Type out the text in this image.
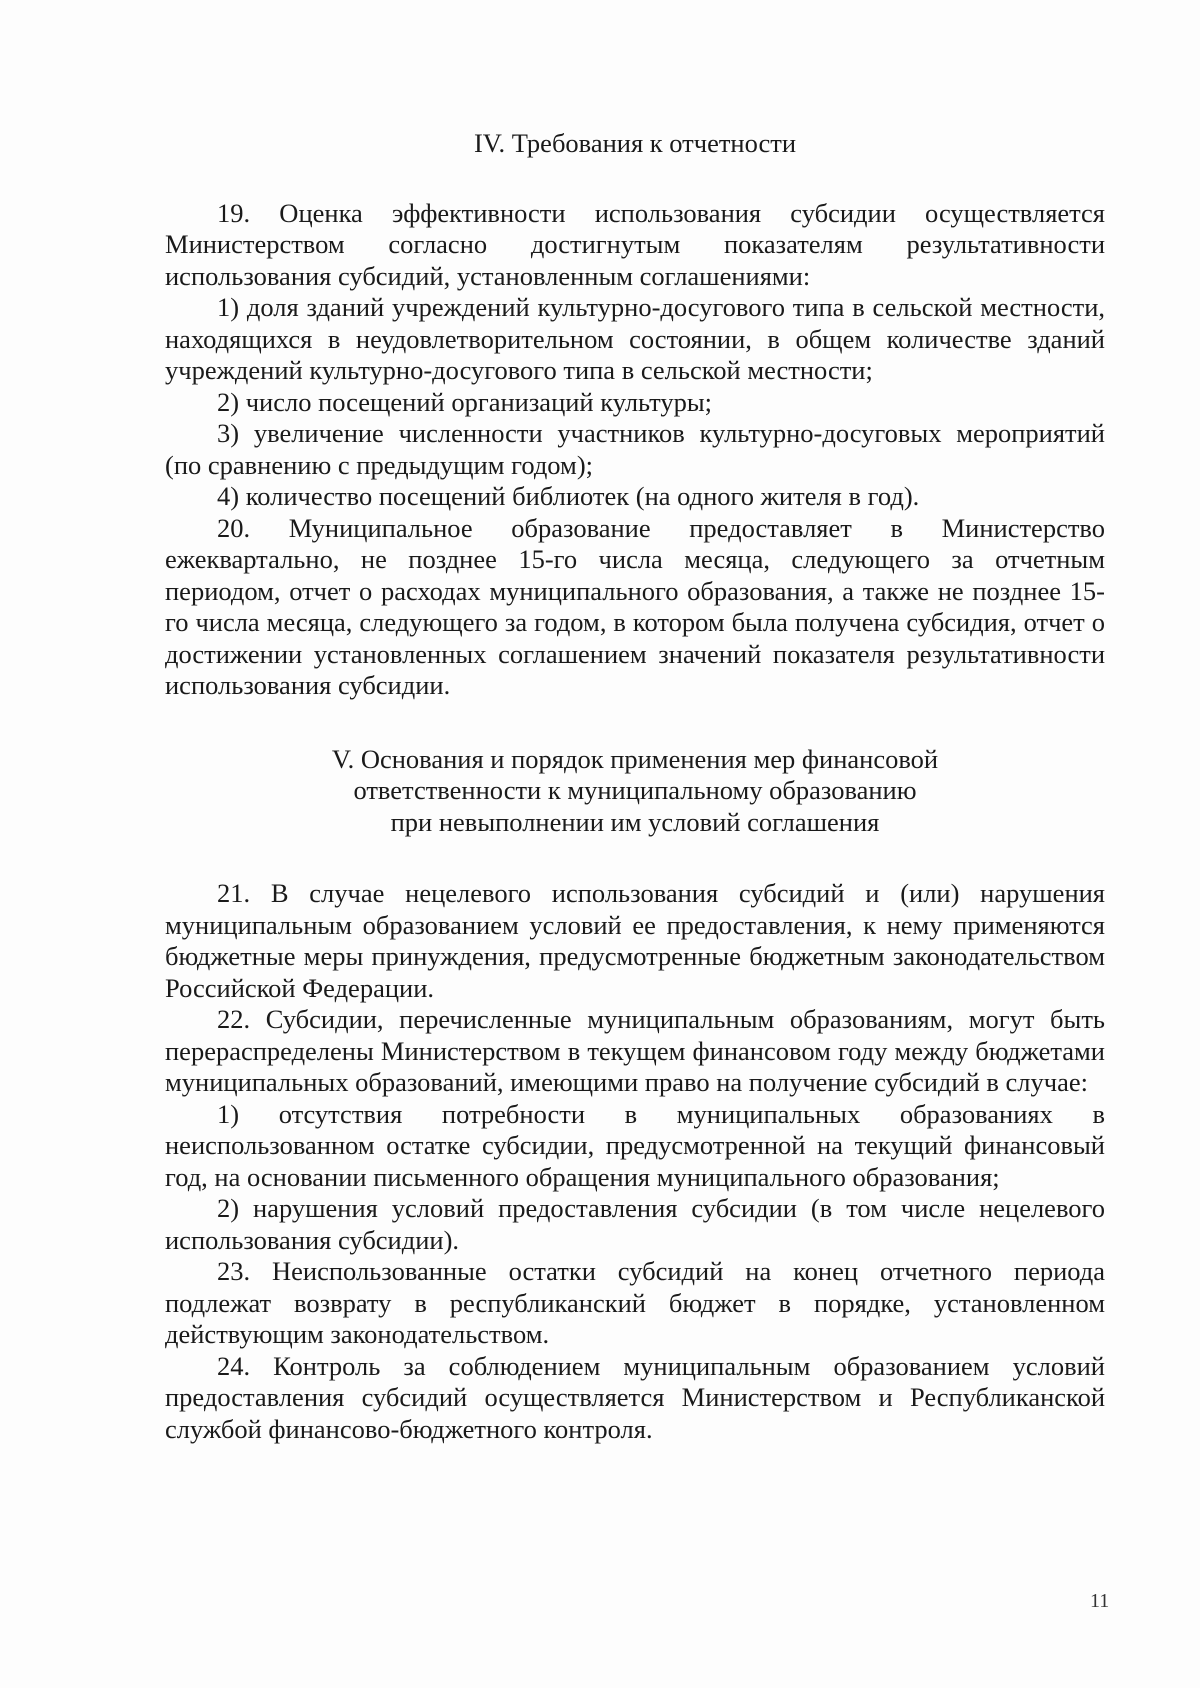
IV. Требования к отчетности

19. Оценка эффективности использования субсидии осуществляется Министерством согласно достигнутым показателям результативности использования субсидий, установленным соглашениями:

1) доля зданий учреждений культурно-досугового типа в сельской местности, находящихся в неудовлетворительном состоянии, в общем количестве зданий учреждений культурно-досугового типа в сельской местности;

2) число посещений организаций культуры;

3) увеличение численности участников культурно-досуговых мероприятий (по сравнению с предыдущим годом);

4) количество посещений библиотек (на одного жителя в год).

20. Муниципальное образование предоставляет в Министерство ежеквартально, не позднее 15-го числа месяца, следующего за отчетным периодом, отчет о расходах муниципального образования, а также не позднее 15-го числа месяца, следующего за годом, в котором была получена субсидия, отчет о достижении установленных соглашением значений показателя результативности использования субсидии.

V. Основания и порядок применения мер финансовой
ответственности к муниципальному образованию
при невыполнении им условий соглашения

21. В случае нецелевого использования субсидий и (или) нарушения муниципальным образованием условий ее предоставления, к нему применяются бюджетные меры принуждения, предусмотренные бюджетным законодательством Российской Федерации.

22. Субсидии, перечисленные муниципальным образованиям, могут быть перераспределены Министерством в текущем финансовом году между бюджетами муниципальных образований, имеющими право на получение субсидий в случае:

1) отсутствия потребности в муниципальных образованиях в неиспользованном остатке субсидии, предусмотренной на текущий финансовый год, на основании письменного обращения муниципального образования;

2) нарушения условий предоставления субсидии (в том числе нецелевого использования субсидии).

23. Неиспользованные остатки субсидий на конец отчетного периода подлежат возврату в республиканский бюджет в порядке, установленном действующим законодательством.

24. Контроль за соблюдением муниципальным образованием условий предоставления субсидий осуществляется Министерством и Республиканской службой финансово-бюджетного контроля.

11
